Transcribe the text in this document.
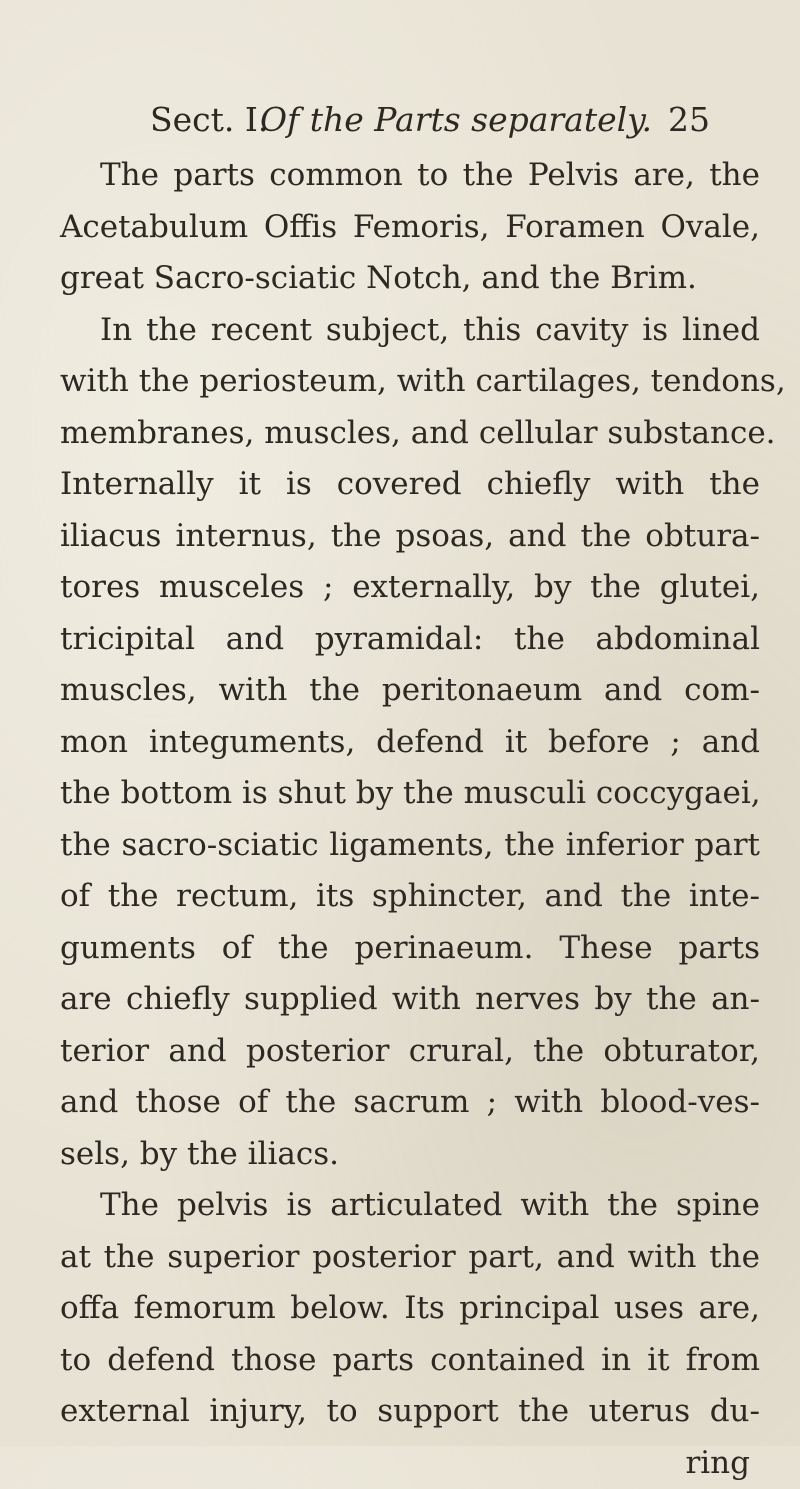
Sect. I.
Of the Parts separately. 25
The parts common to the Pelvis are, the
Acetabulum Offis Femoris, Foramen Ovale,
great Sacro-sciatic Notch, and the Brim.
In the recent subject, this cavity is lined
with the periosteum, with cartilages, tendons,
membranes, muscles, and cellular substance.
Internally it is covered chiefly with the
iliacus internus, the psoas, and the obtura-
tores musceles ; externally, by the glutei,
tricipital and pyramidal: the abdominal
muscles, with the peritonaeum and com-
mon integuments, defend it before ; and
the bottom is shut by the musculi coccygaei,
the sacro-sciatic ligaments, the inferior part
of the rectum, its sphincter, and the inte-
guments of the perinaeum. These parts
are chiefly supplied with nerves by the an-
terior and posterior crural, the obturator,
and those of the sacrum ; with blood-ves-
sels, by the iliacs.
The pelvis is articulated with the spine
at the superior posterior part, and with the
offa femorum below. Its principal uses are,
to defend those parts contained in it from
external injury, to support the uterus du-
ring
